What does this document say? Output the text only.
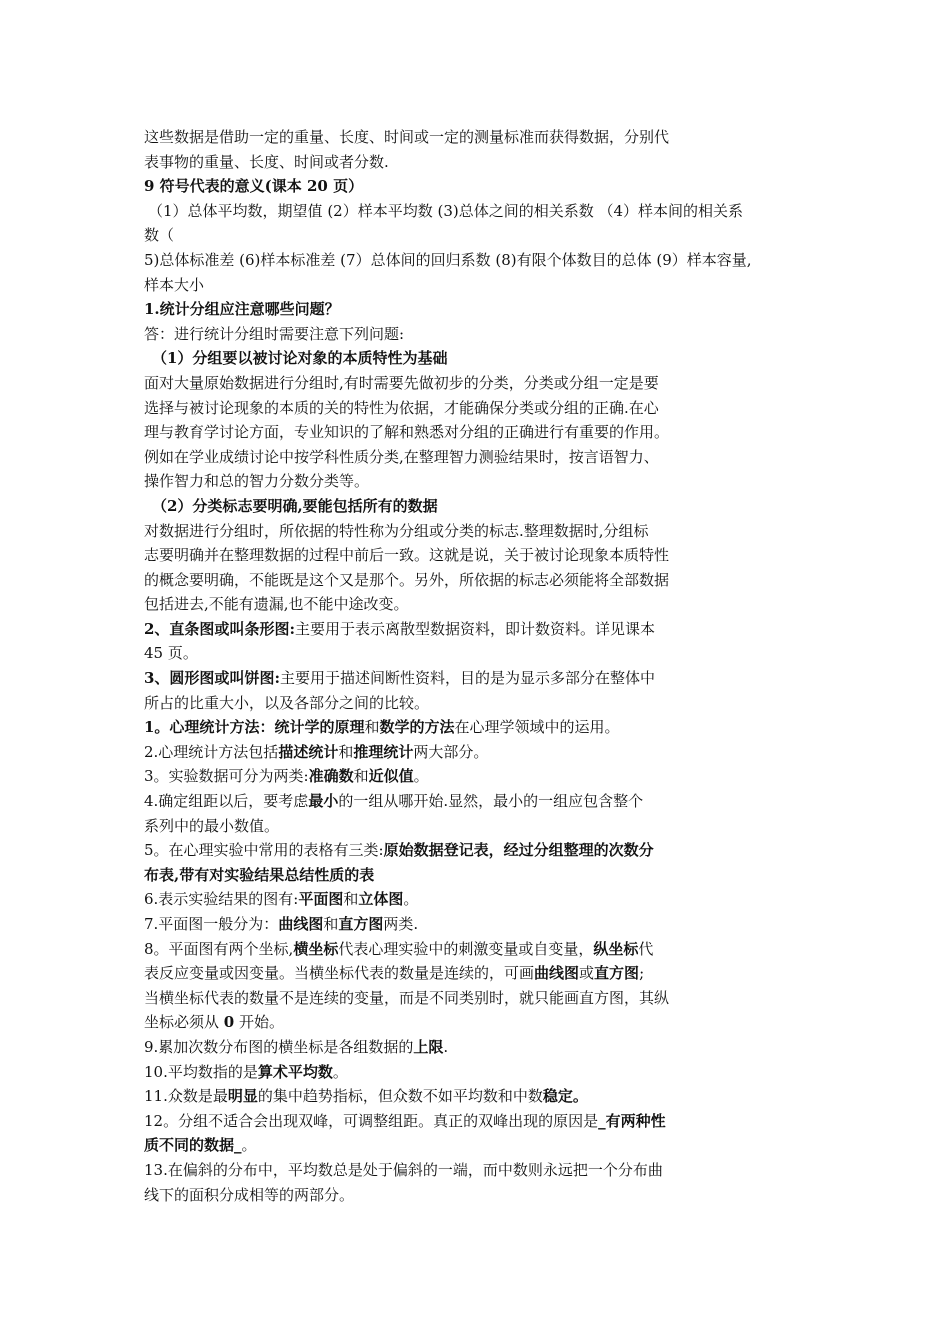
这些数据是借助一定的重量、长度、时间或一定的测量标准而获得数据，分别代
表事物的重量、长度、时间或者分数.
9 符号代表的意义(课本 20 页）
（1）总体平均数，期望值 (2）样本平均数 (3)总体之间的相关系数 （4）样本间的相关系
数（
5)总体标准差 (6)样本标准差 (7）总体间的回归系数 (8)有限个体数目的总体 (9）样本容量,
样本大小
1.统计分组应注意哪些问题？
答：进行统计分组时需要注意下列问题:
（1）分组要以被讨论对象的本质特性为基础
面对大量原始数据进行分组时,有时需要先做初步的分类，分类或分组一定是要
选择与被讨论现象的本质的关的特性为依据，才能确保分类或分组的正确.在心
理与教育学讨论方面，专业知识的了解和熟悉对分组的正确进行有重要的作用。
例如在学业成绩讨论中按学科性质分类,在整理智力测验结果时，按言语智力、
操作智力和总的智力分数分类等。
（2）分类标志要明确,要能包括所有的数据
对数据进行分组时，所依据的特性称为分组或分类的标志.整理数据时,分组标
志要明确并在整理数据的过程中前后一致。这就是说，关于被讨论现象本质特性
的概念要明确，不能既是这个又是那个。另外，所依据的标志必须能将全部数据
包括进去,不能有遗漏,也不能中途改变。
2、直条图或叫条形图:主要用于表示离散型数据资料，即计数资料。详见课本
45 页。
3、圆形图或叫饼图:主要用于描述间断性资料，目的是为显示多部分在整体中
所占的比重大小，以及各部分之间的比较。
1。心理统计方法：统计学的原理和数学的方法在心理学领域中的运用。
2.心理统计方法包括描述统计和推理统计两大部分。
3。实验数据可分为两类:准确数和近似值。
4.确定组距以后，要考虑最小的一组从哪开始.显然，最小的一组应包含整个
系列中的最小数值。
5。在心理实验中常用的表格有三类:原始数据登记表，经过分组整理的次数分
布表,带有对实验结果总结性质的表
6.表示实验结果的图有:平面图和立体图。
7.平面图一般分为：曲线图和直方图两类.
8。平面图有两个坐标,横坐标代表心理实验中的刺激变量或自变量，纵坐标代
表反应变量或因变量。当横坐标代表的数量是连续的，可画曲线图或直方图;
当横坐标代表的数量不是连续的变量，而是不同类别时，就只能画直方图，其纵
坐标必须从 0 开始。
9.累加次数分布图的横坐标是各组数据的上限.
10.平均数指的是算术平均数。
11.众数是最明显的集中趋势指标，但众数不如平均数和中数稳定。
12。分组不适合会出现双峰，可调整组距。真正的双峰出现的原因是_有两种性
质不同的数据_。
13.在偏斜的分布中，平均数总是处于偏斜的一端，而中数则永远把一个分布曲
线下的面积分成相等的两部分。
